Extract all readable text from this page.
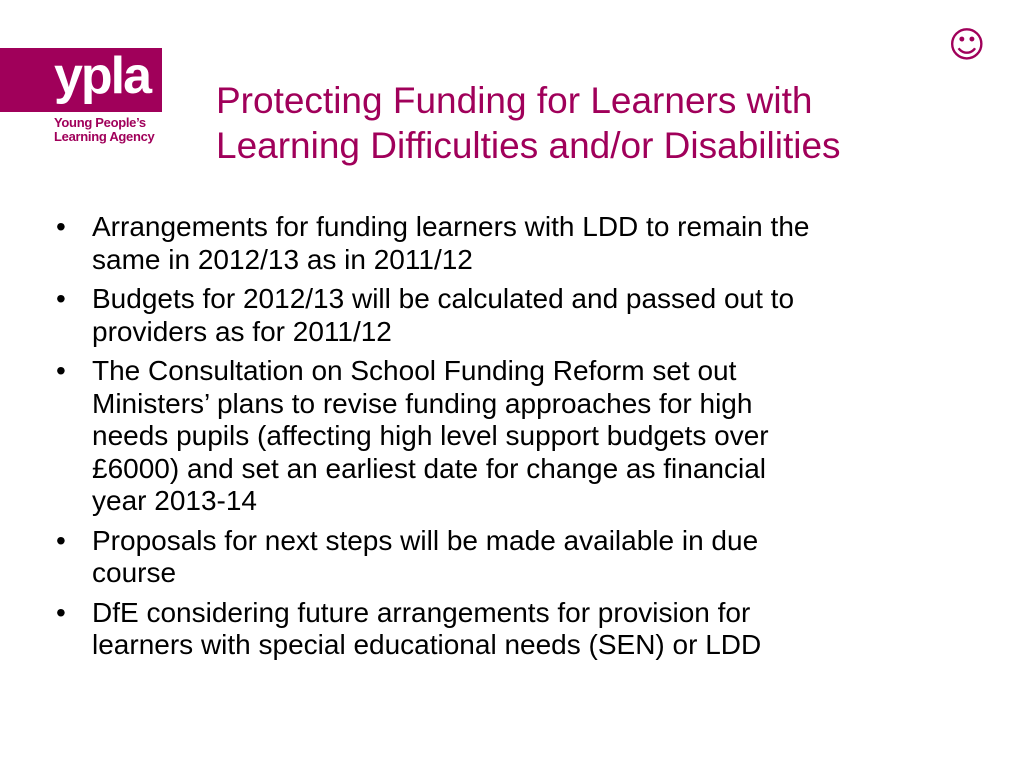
ypla
Young People’s
Learning Agency
☺
Protecting Funding for Learners with
Learning Difficulties and/or Disabilities
• Arrangements for funding learners with LDD to remain the
same in 2012/13 as in 2011/12
• Budgets for 2012/13 will be calculated and passed out to
providers as for 2011/12
• The Consultation on School Funding Reform set out
Ministers’ plans to revise funding approaches for high
needs pupils (affecting high level support budgets over
£6000) and set an earliest date for change as financial
year 2013-14
• Proposals for next steps will be made available in due
course
• DfE considering future arrangements for provision for
learners with special educational needs (SEN) or LDD
